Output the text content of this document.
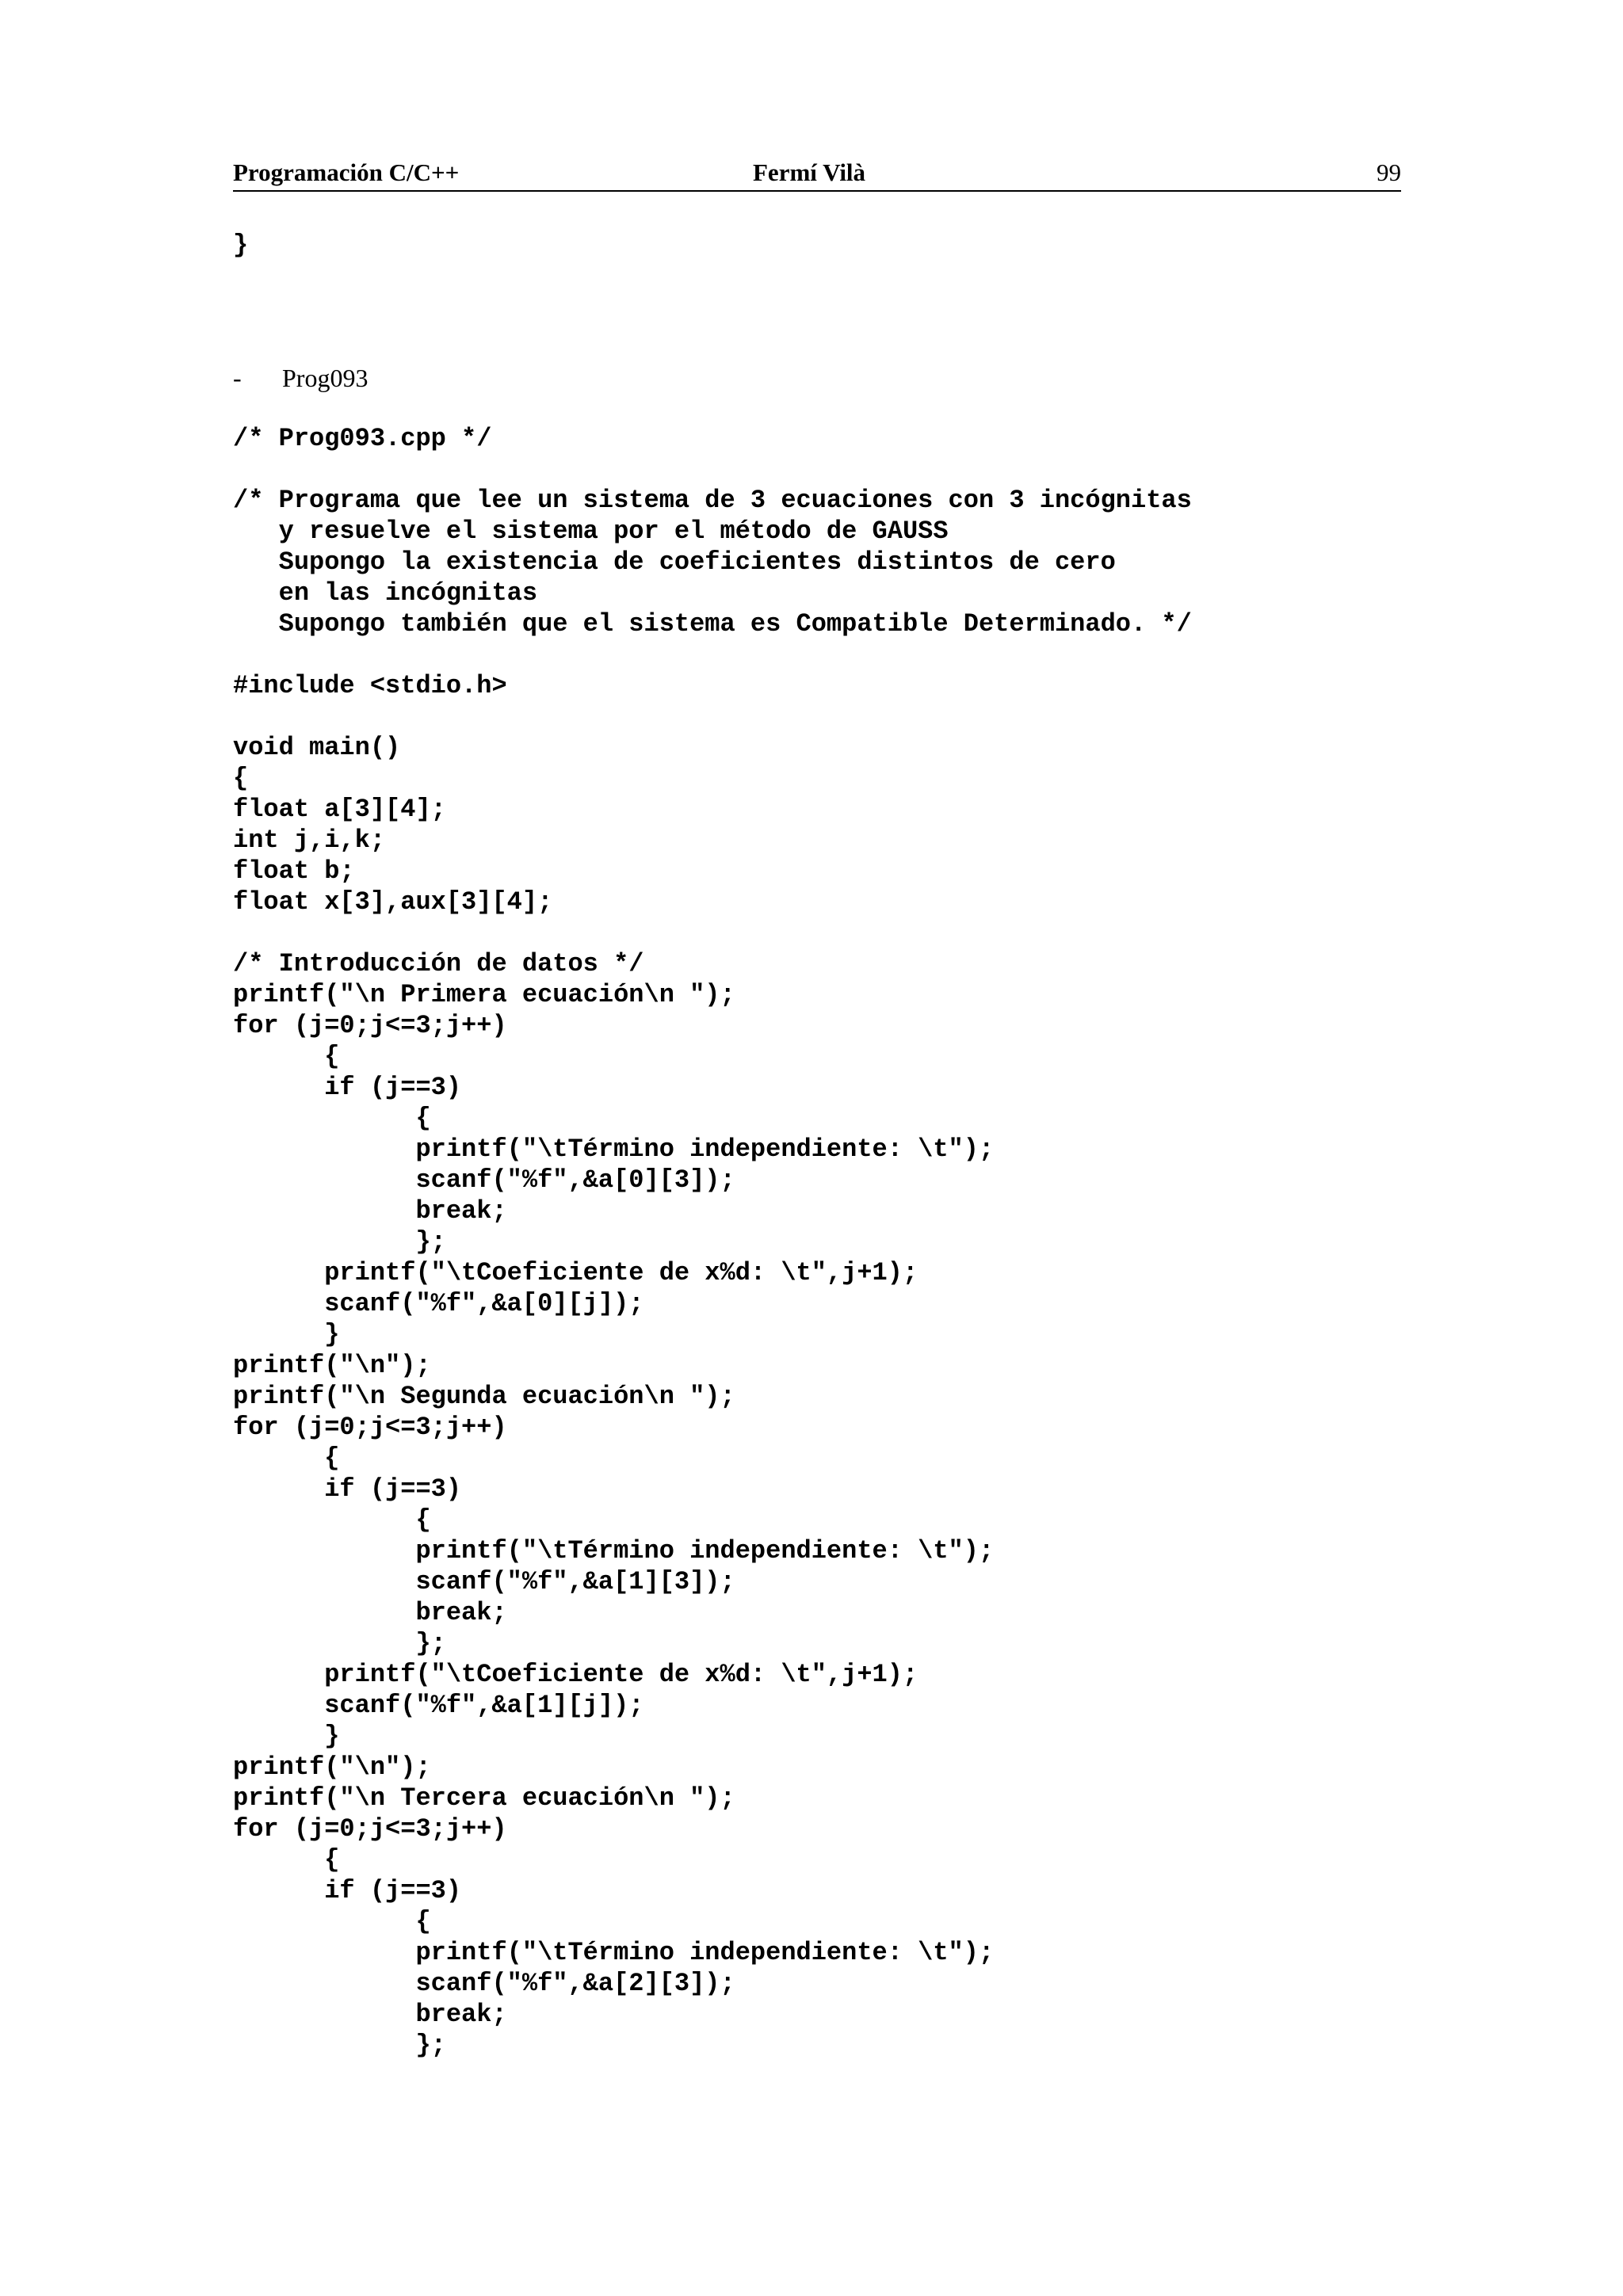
Programación C/C++	Fermí Vilà	99
}

-

Prog093

/* Prog093.cpp */
/* Programa que lee un sistema de 3 ecuaciones con 3 incógnitas
y resuelve el sistema por el método de GAUSS
Supongo la existencia de coeficientes distintos de cero
en las incógnitas
Supongo también que el sistema es Compatible Determinado. */
#include <stdio.h>
void main()
{
float a[3][4];
int j,i,k;
float b;
float x[3],aux[3][4];
/* Introducción de datos */
printf("\n Primera ecuación\n ");
for (j=0;j<=3;j++)
{
if (j==3)
{
printf("\tTérmino independiente: \t");
scanf("%f",&a[0][3]);
break;
};
printf("\tCoeficiente de x%d: \t",j+1);
scanf("%f",&a[0][j]);
}
printf("\n");
printf("\n Segunda ecuación\n ");
for (j=0;j<=3;j++)
{
if (j==3)
{
printf("\tTérmino independiente: \t");
scanf("%f",&a[1][3]);
break;
};
printf("\tCoeficiente de x%d: \t",j+1);
scanf("%f",&a[1][j]);
}
printf("\n");
printf("\n Tercera ecuación\n ");
for (j=0;j<=3;j++)
{
if (j==3)
{
printf("\tTérmino independiente: \t");
scanf("%f",&a[2][3]);
break;
};
